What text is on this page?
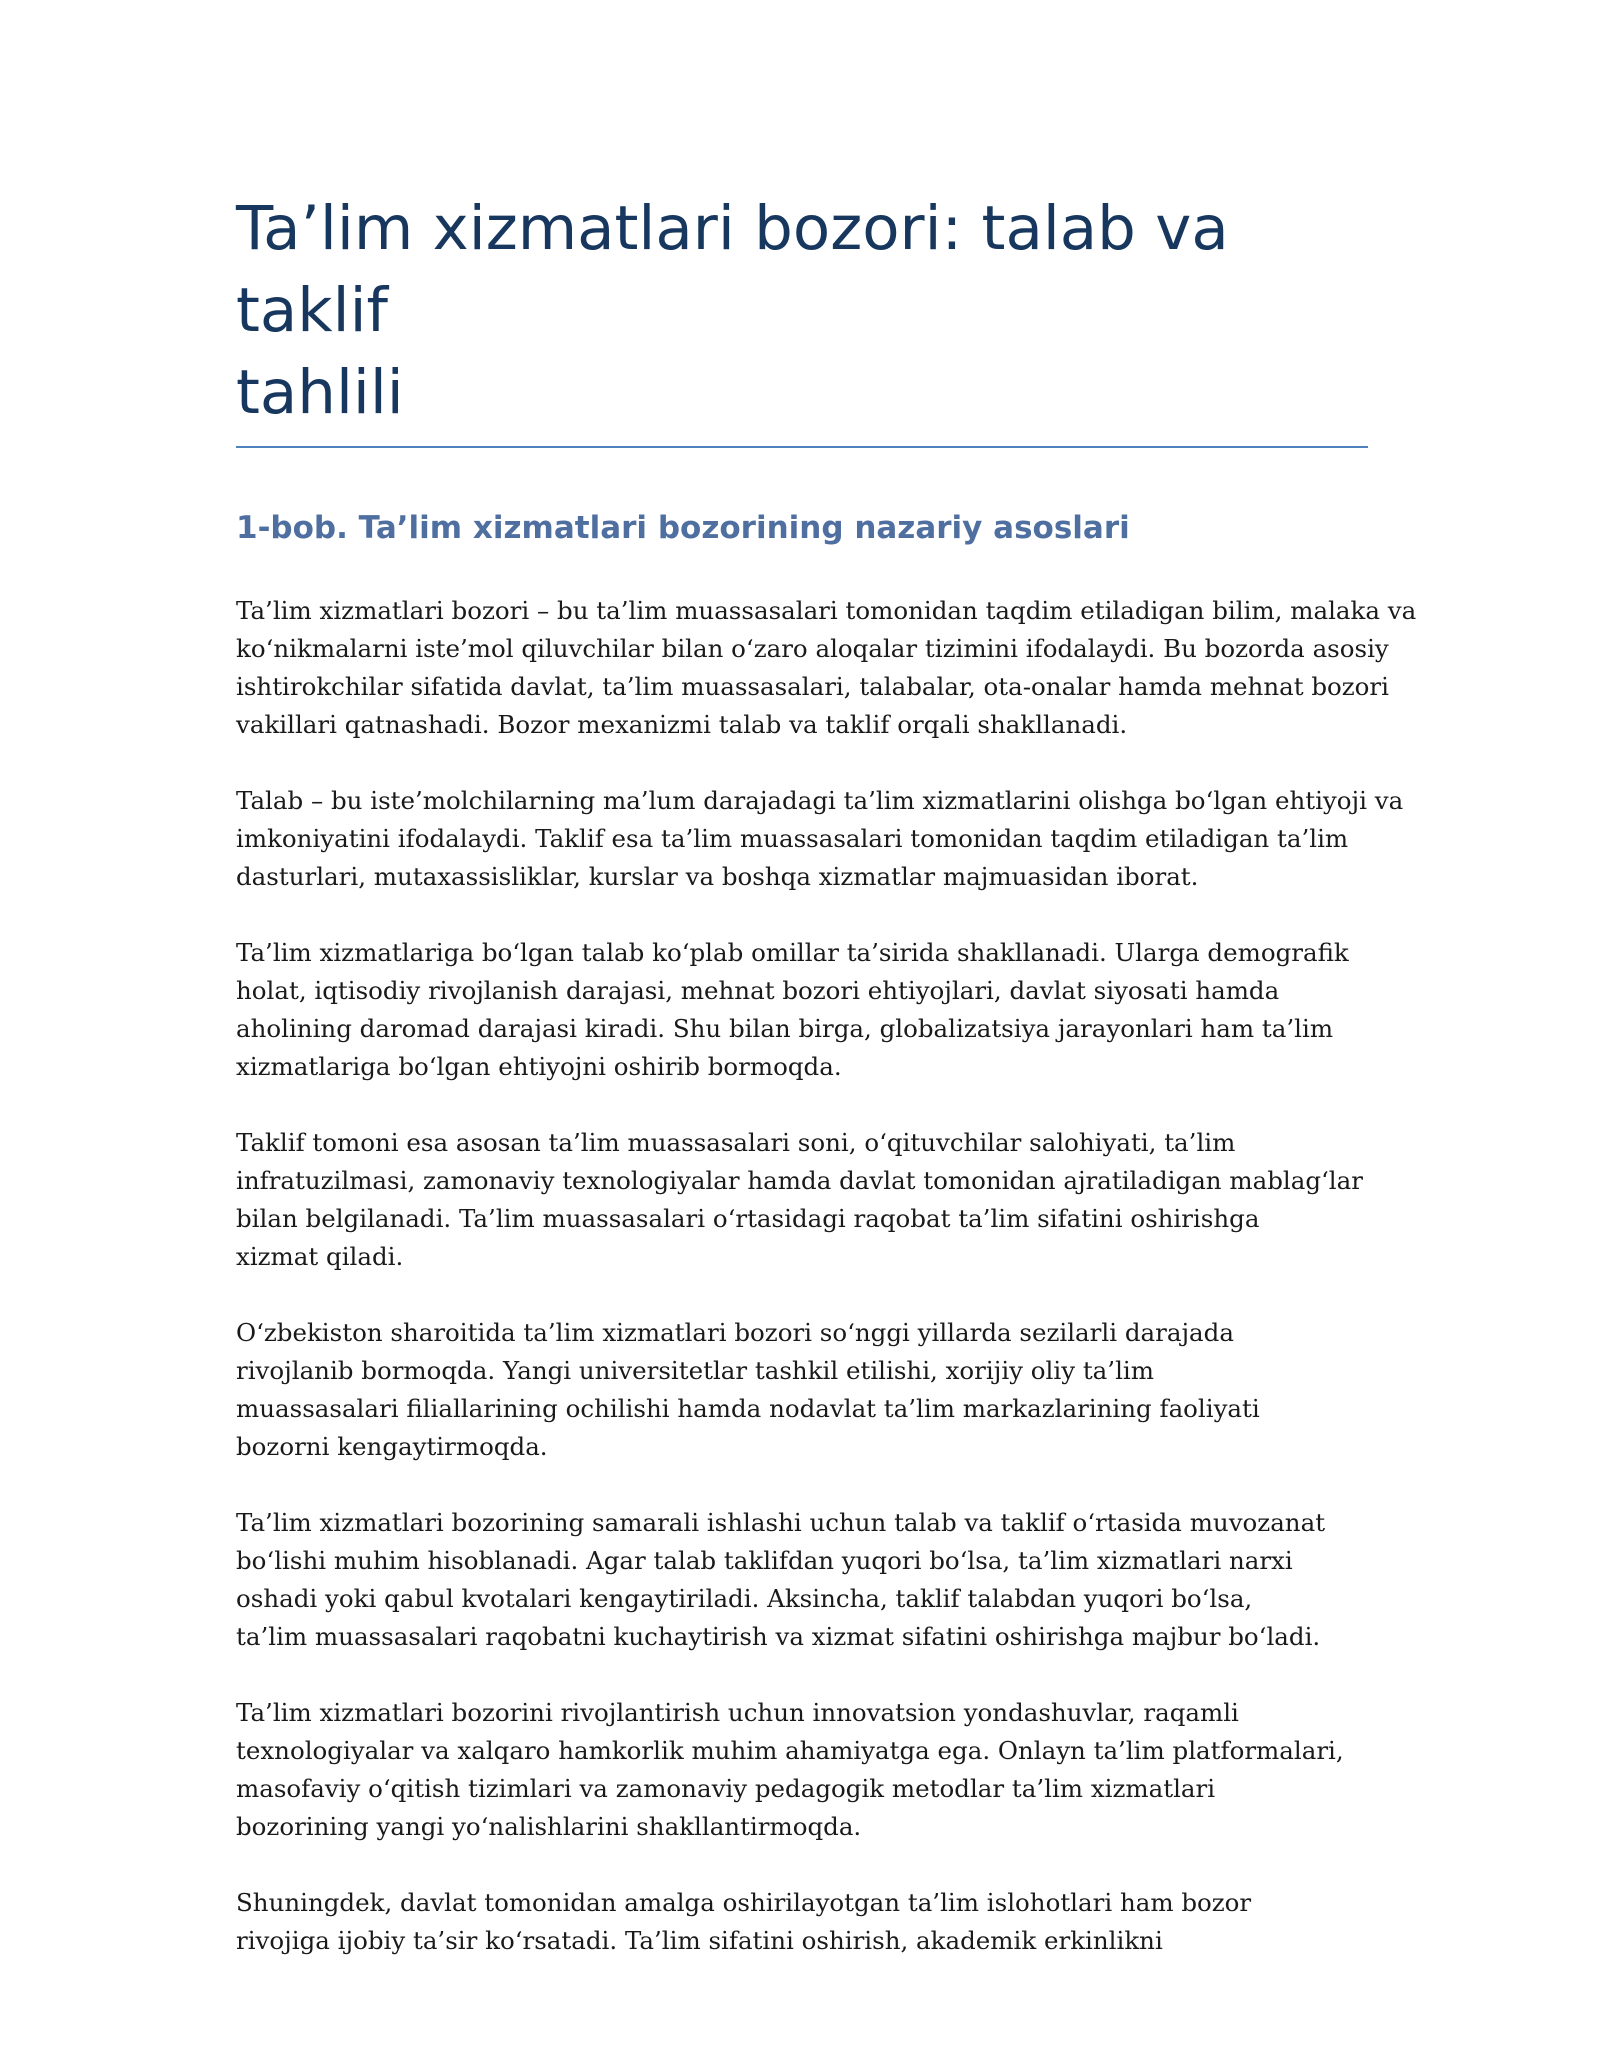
Ta’lim xizmatlari bozori: talab va taklif
tahlili
1-bob. Ta’lim xizmatlari bozorining nazariy asoslari

Ta’lim xizmatlari bozori – bu ta’lim muassasalari tomonidan taqdim etiladigan bilim, malaka va
ko‘nikmalarni iste’mol qiluvchilar bilan o‘zaro aloqalar tizimini ifodalaydi. Bu bozorda asosiy
ishtirokchilar sifatida davlat, ta’lim muassasalari, talabalar, ota-onalar hamda mehnat bozori
vakillari qatnashadi. Bozor mexanizmi talab va taklif orqali shakllanadi.

Talab – bu iste’molchilarning ma’lum darajadagi ta’lim xizmatlarini olishga bo‘lgan ehtiyoji va
imkoniyatini ifodalaydi. Taklif esa ta’lim muassasalari tomonidan taqdim etiladigan ta’lim
dasturlari, mutaxassisliklar, kurslar va boshqa xizmatlar majmuasidan iborat.

Ta’lim xizmatlariga bo‘lgan talab ko‘plab omillar ta’sirida shakllanadi. Ularga demografik
holat, iqtisodiy rivojlanish darajasi, mehnat bozori ehtiyojlari, davlat siyosati hamda
aholining daromad darajasi kiradi. Shu bilan birga, globalizatsiya jarayonlari ham ta’lim
xizmatlariga bo‘lgan ehtiyojni oshirib bormoqda.

Taklif tomoni esa asosan ta’lim muassasalari soni, o‘qituvchilar salohiyati, ta’lim
infratuzilmasi, zamonaviy texnologiyalar hamda davlat tomonidan ajratiladigan mablag‘lar
bilan belgilanadi. Ta’lim muassasalari o‘rtasidagi raqobat ta’lim sifatini oshirishga
xizmat qiladi.

O‘zbekiston sharoitida ta’lim xizmatlari bozori so‘nggi yillarda sezilarli darajada
rivojlanib bormoqda. Yangi universitetlar tashkil etilishi, xorijiy oliy ta’lim
muassasalari filiallarining ochilishi hamda nodavlat ta’lim markazlarining faoliyati
bozorni kengaytirmoqda.

Ta’lim xizmatlari bozorining samarali ishlashi uchun talab va taklif o‘rtasida muvozanat
bo‘lishi muhim hisoblanadi. Agar talab taklifdan yuqori bo‘lsa, ta’lim xizmatlari narxi
oshadi yoki qabul kvotalari kengaytiriladi. Aksincha, taklif talabdan yuqori bo‘lsa,
ta’lim muassasalari raqobatni kuchaytirish va xizmat sifatini oshirishga majbur bo‘ladi.

Ta’lim xizmatlari bozorini rivojlantirish uchun innovatsion yondashuvlar, raqamli
texnologiyalar va xalqaro hamkorlik muhim ahamiyatga ega. Onlayn ta’lim platformalari,
masofaviy o‘qitish tizimlari va zamonaviy pedagogik metodlar ta’lim xizmatlari
bozorining yangi yo‘nalishlarini shakllantirmoqda.

Shuningdek, davlat tomonidan amalga oshirilayotgan ta’lim islohotlari ham bozor
rivojiga ijobiy ta’sir ko‘rsatadi. Ta’lim sifatini oshirish, akademik erkinlikni
